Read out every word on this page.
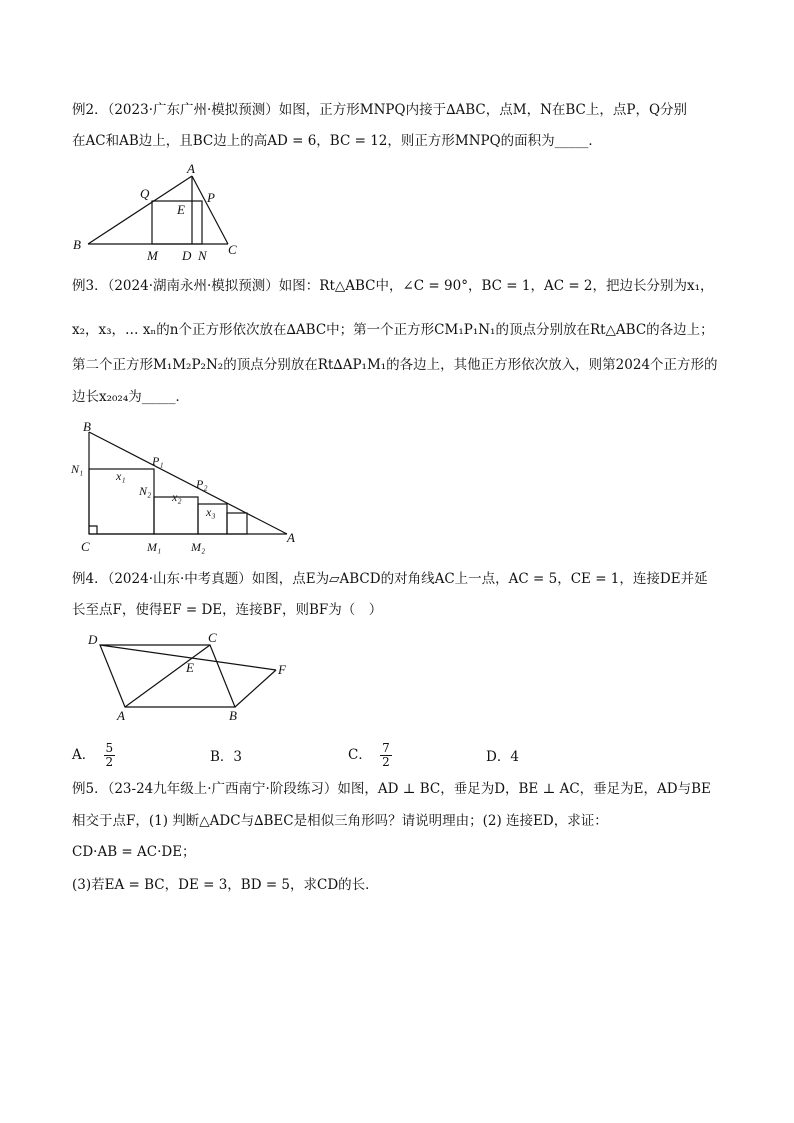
例2．（2023·广东广州·模拟预测）如图，正方形MNPQ内接于∆ABC，点M，N在BC上，点P，Q分别
在AC和AB边上，且BC边上的高AD = 6，BC = 12，则正方形MNPQ的面积为_____．
A
Q	P
E
B
M D N C
例3．（2024·湖南永州·模拟预测）如图：Rt△ABC中，∠C = 90°，BC = 1，AC = 2，把边长分别为x₁，
x₂，x₃，… xₙ的n个正方形依次放在∆ABC中；第一个正方形CM₁P₁N₁的顶点分别放在Rt△ABC的各边上；
第二个正方形M₁M₂P₂N₂的顶点分别放在Rt∆AP₁M₁的各边上，其他正方形依次放入，则第2024个正方形的
边长x₂₀₂₄为_____．
B
N₁
P₁
x₁
N₂ x₂
P₂
x₃
C	M₁ M₂
A
例4．（2024·山东·中考真题）如图，点E为▱ABCD的对角线AC上一点，AC = 5，CE = 1，连接DE并延
长至点F，使得EF = DE，连接BF，则BF为（　）
D	C
E	F
A	B
A． $\frac{5}{2}$	B．3	C． $\frac{7}{2}$	D．4
例5．（23-24九年级上·广西南宁·阶段练习）如图，AD ⊥ BC，垂足为D，BE ⊥ AC，垂足为E，AD与BE
相交于点F，(1) 判断△ADC与∆BEC是相似三角形吗？请说明理由；(2) 连接ED，求证：
CD·AB = AC·DE；
(3)若EA = BC，DE = 3，BD = 5，求CD的长．
